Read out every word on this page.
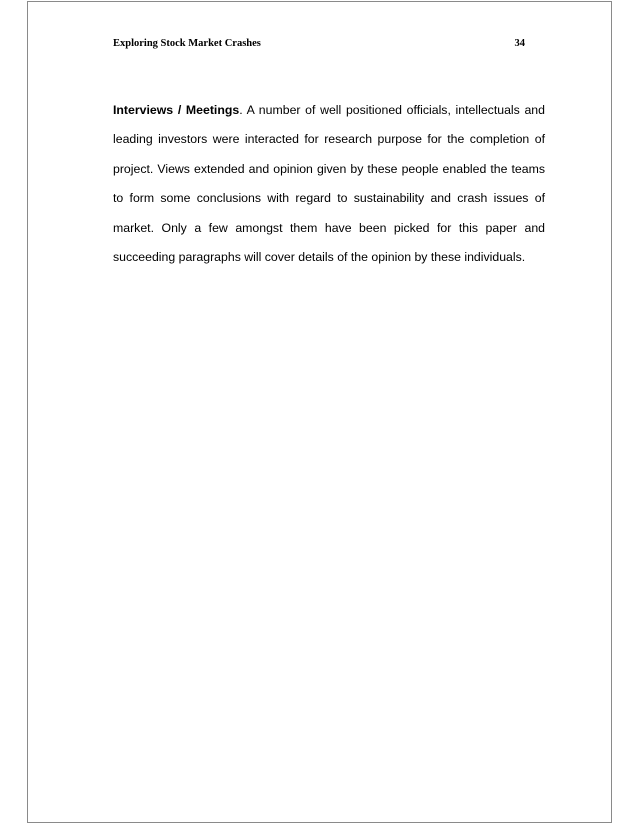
Exploring Stock Market Crashes	34

Interviews / Meetings. A number of well positioned officials, intellectuals and leading investors were interacted for research purpose for the completion of project. Views extended and opinion given by these people enabled the teams to form some conclusions with regard to sustainability and crash issues of market. Only a few amongst them have been picked for this paper and succeeding paragraphs will cover details of the opinion by these individuals.
